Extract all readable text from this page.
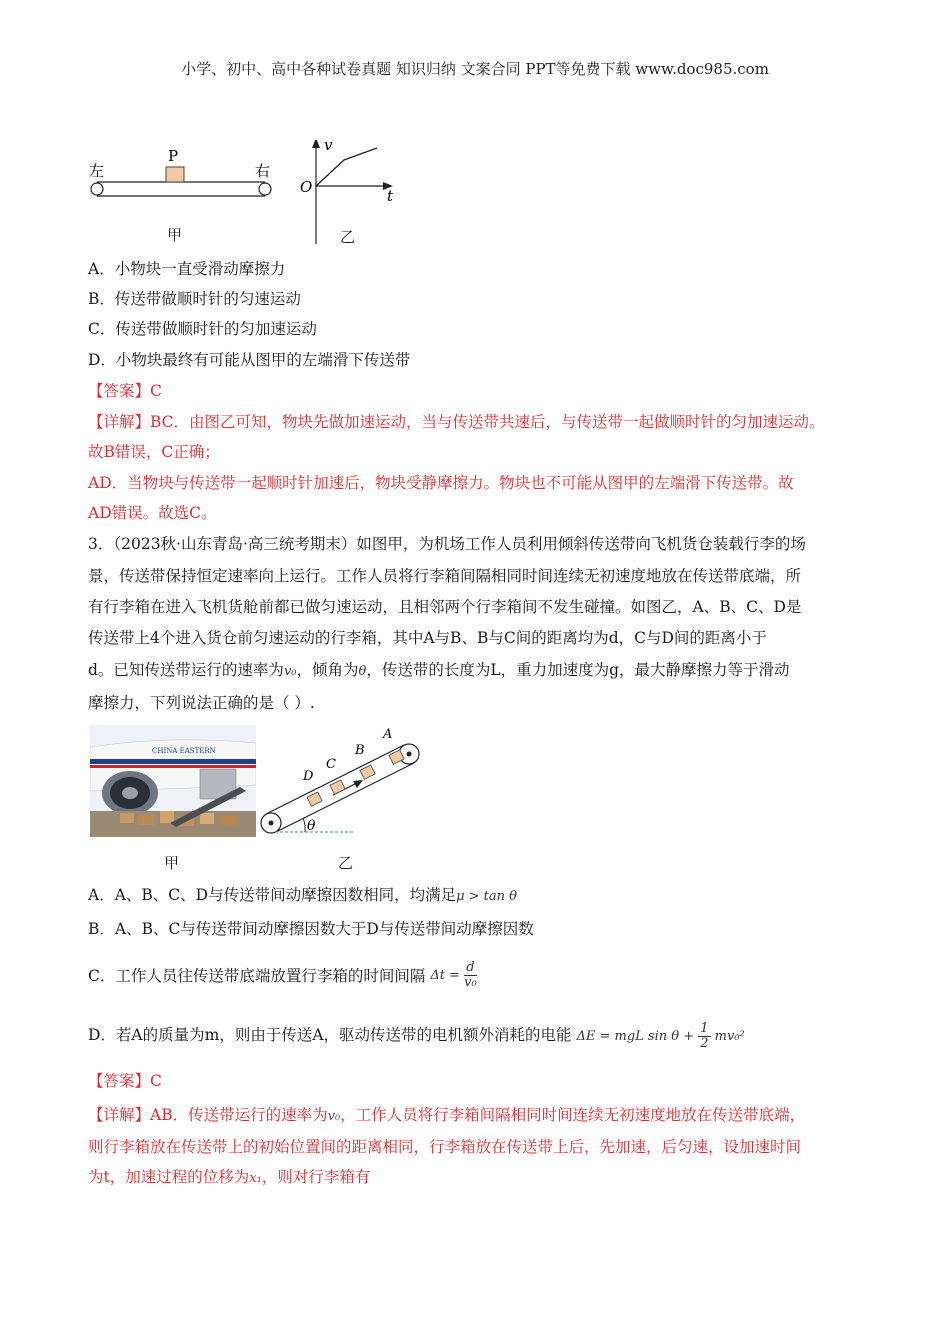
小学、初中、高中各种试卷真题 知识归纳 文案合同 PPT等免费下载 www.doc985.com
左	右
P
v
t
O
甲	乙
A．小物块一直受滑动摩擦力
B．传送带做顺时针的匀速运动
C．传送带做顺时针的匀加速运动
D．小物块最终有可能从图甲的左端滑下传送带
【答案】C
【详解】BC．由图乙可知，物块先做加速运动，当与传送带共速后，与传送带一起做顺时针的匀加速运动。
故B错误，C正确；
AD．当物块与传送带一起顺时针加速后，物块受静摩擦力。物块也不可能从图甲的左端滑下传送带。故
AD错误。故选C。
3．（2023秋·山东青岛·高三统考期末）如图甲，为机场工作人员利用倾斜传送带向飞机货仓装载行李的场
景，传送带保持恒定速率向上运行。工作人员将行李箱间隔相同时间连续无初速度地放在传送带底端，所
有行李箱在进入飞机货舱前都已做匀速运动，且相邻两个行李箱间不发生碰撞。如图乙，A、B、C、D是
传送带上4个进入货仓前匀速运动的行李箱，其中A与B、B与C间的距离均为d，C与D间的距离小于
d。已知传送带运行的速率为v₀，倾角为θ，传送带的长度为L，重力加速度为g，最大静摩擦力等于滑动
摩擦力，下列说法正确的是（ ）.
CHINA EASTERN
θ
D
C
B
A
甲	乙
A．A、B、C、D与传送带间动摩擦因数相同，均满足μ > tan θ
B．A、B、C与传送带间动摩擦因数大于D与传送带间动摩擦因数
C．工作人员往传送带底端放置行李箱的时间间隔 $\Delta t = \frac{d}{\text{v₀}}$
D．若A的质量为m，则由于传送A，驱动传送带的电机额外消耗的电能 ΔE = mgL $\sin \theta + \frac{1}{2} mv_0^2$
【答案】C
【详解】AB．传送带运行的速率为v₀，工作人员将行李箱间隔相同时间连续无初速度地放在传送带底端，
则行李箱放在传送带上的初始位置间的距离相同，行李箱放在传送带上后，先加速，后匀速，设加速时间
为t，加速过程的位移为x₁，则对行李箱有
